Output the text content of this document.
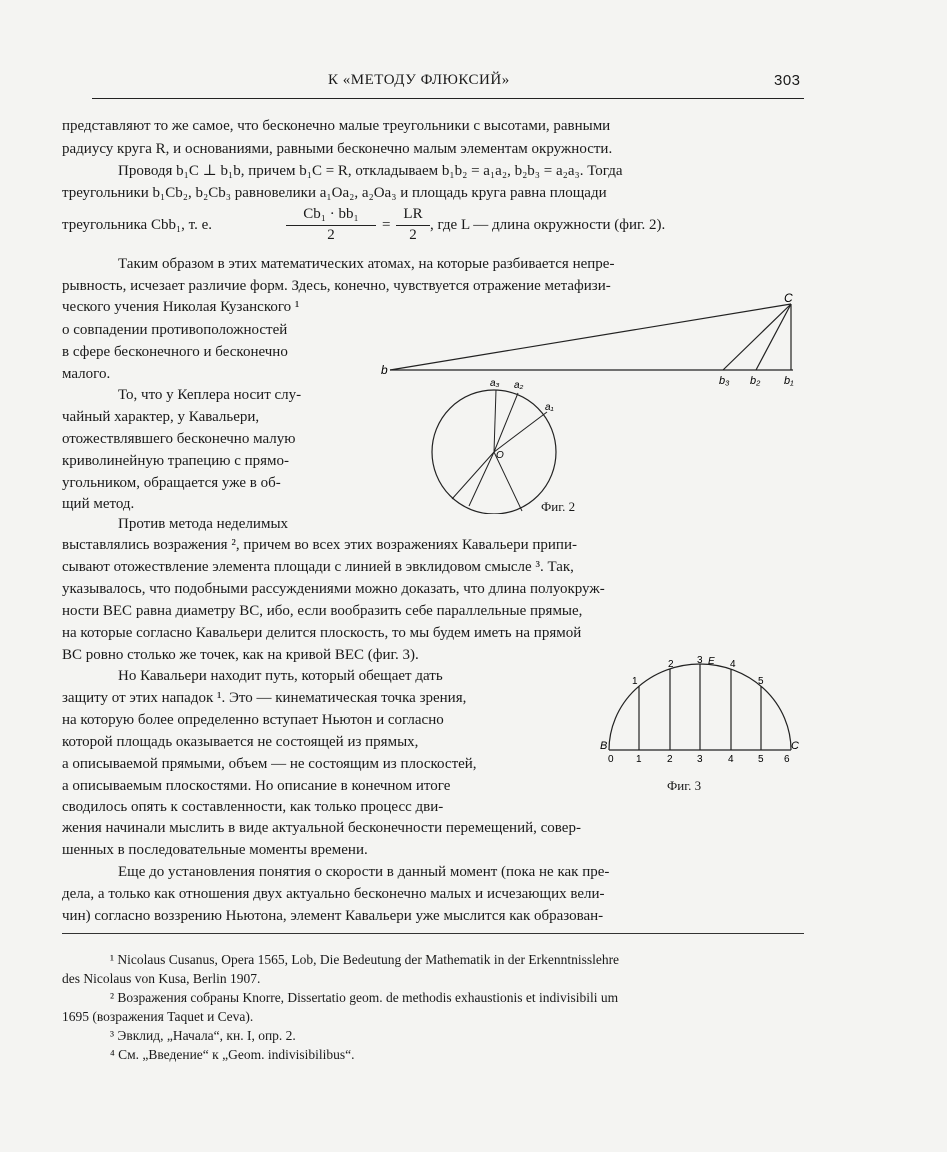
К «МЕТОДУ ФЛЮКСИЙ»	303
представляют то же самое, что бесконечно малые треугольники с высотами, равными
радиусу круга R, и основаниями, равными бесконечно малым элементам окружности.
Проводя b₁C ⊥ b₁b, причем b₁C = R, откладываем b₁b₂ = a₁a₂, b₂b₃ = a₂a₃. Тогда
треугольники b₁Cb₂, b₂Cb₃ равновелики a₁Oa₂, a₂Oa₃ и площадь круга равна площади
треугольника Cbb₁, т. е.
Cb₁ · bb₁
2
=
LR
2
, где L — длина окружности (фиг. 2).
Таким образом в этих математических атомах, на которые разбивается непре-
рывность, исчезает различие форм. Здесь, конечно, чувствуется отражение метафизи-
ческого учения Николая Кузанского ¹
о совпадении противоположностей
в сфере бесконечного и бесконечно
малого.
То, что у Кеплера носит слу-
чайный характер, у Кавальери,
отожествлявшего бесконечно малую
криволинейную трапецию с прямо-
угольником, обращается уже в об-
щий метод.
Против метода неделимых
выставлялись возражения ², причем во всех этих возражениях Кавальери припи-
сывают отожествление элемента площади с линией в эвклидовом смысле ³. Так,
указывалось, что подобными рассуждениями можно доказать, что длина полуокруж-
ности BEC равна диаметру BC, ибо, если вообразить себе параллельные прямые,
на которые согласно Кавальери делится плоскость, то мы будем иметь на прямой
BC ровно столько же точек, как на кривой BEC (фиг. 3).
Но Кавальери находит путь, который обещает дать
защиту от этих нападок ¹. Это — кинематическая точка зрения,
на которую более определенно вступает Ньютон и согласно
которой площадь оказывается не состоящей из прямых,
а описываемой прямыми, объем — не состоящим из плоскостей,
а описываемым плоскостями. Но описание в конечном итоге
сводилось опять к составленности, как только процесс дви-
жения начинали мыслить в виде актуальной бесконечности перемещений, совер-
шенных в последовательные моменты времени.
Еще до установления понятия о скорости в данный момент (пока не как пре-
дела, а только как отношения двух актуально бесконечно малых и исчезающих вели-
чин) согласно воззрению Ньютона, элемент Кавальери уже мыслится как образован-
¹ Nicolaus Cusanus, Opera 1565, Lob, Die Bedeutung der Mathematik in der Erkenntnisslehre
des Nicolaus von Kusa, Berlin 1907.
² Возражения собраны Knorre, Dissertatio geom. de methodis exhaustionis et indivisibili um
1695 (возражения Taquet и Ceva).
³ Эвклид, „Начала“, кн. I, опр. 2.
⁴ См. „Введение“ к „Geom. indivisibilibus“.
b
C
b₃ b₂ b₁
a₃ a₂
a₁
O
Фиг. 2
B	C
E
0 1	2 3	4 5 6
1
2 3	4
5
Фиг. 3
